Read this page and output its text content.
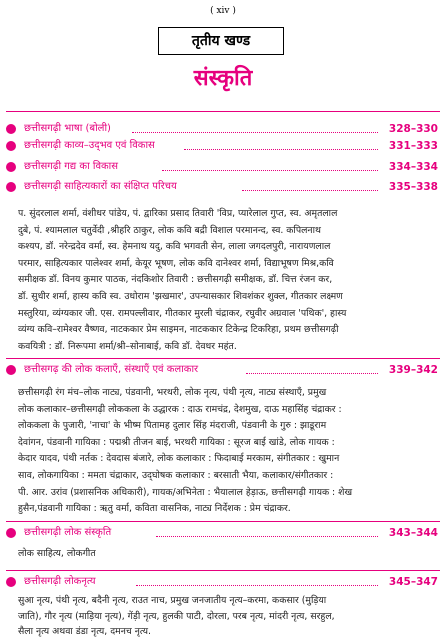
( xiv )
तृतीय खण्ड
संस्कृति
छत्तीसगढ़ी भाषा (बोली)	328–330
छत्तीसगढ़ी काव्य–उद्‌भव एवं विकास	331–333
छत्तीसगढ़ी गद्य का विकास	334–334
छत्तीसगढ़ी साहित्यकारों का संक्षिप्त परिचय	335–338
प. सुंदरलाल शर्मा, वंशीधर पांडेय, पं. द्वारिका प्रसाद तिवारी 'विप्र, प्यारेलाल गुप्त, स्व. अमृतलाल
दुबे, पं. श्यामलाल चतुर्वेदी ,श्रीहरि ठाकुर, लोक कवि बद्री विशाल परमानन्द, स्व. कपिलनाथ
कश्यप, डॉ. नरेन्द्रदेव वर्मा, स्व. हेमनाथ यदु, कवि भगवती सेन, लाला जगदलपुरी, नारायणलाल
परमार, साहित्यकार पालेश्वर शर्मा, केयूर भूषण, लोक कवि दानेश्वर शर्मा, विद्याभूषण मिश्र,कवि
समीक्षक डॉ. विनय कुमार पाठक, नंदकिशोर तिवारी : छत्तीसगढ़ी समीक्षक, डॉ. चित्त रंजन कर,
डॉ. सुधीर शर्मा, हास्य कवि स्व. उधोराम 'झखमार', उपन्यासकार शिवशंकर शुक्ल, गीतकार लक्ष्मण
मस्तुरिया, व्यंग्यकार जी. एस. रामपल्लीवार, गीतकार मुरली चंद्राकर, रघुवीर अग्रवाल 'पथिक', हास्य
व्यंग्य कवि–रामेश्वर वैष्णव, नाटककार प्रेम साइमन, नाटककार टिकेन्द्र टिकरिहा, प्रथम छत्तीसगढ़ी
कवयित्री : डॉ. निरूपमा शर्मा/श्री–सोनाबाई, कवि डॉ. देवधर महंत.
छत्तीसगढ़ की लोक कलाएँ, संस्थाएँ एवं कलाकार	339–342
छत्तीसगढ़ी रंग मंच–लोक नाट्य, पंडवानी, भरथरी, लोक नृत्य, पंथी नृत्य, नाट्य संस्थाएँ, प्रमुख
लोक कलाकार–छत्तीसगढ़ी लोककला के उद्धारक : दाऊ रामचंद्र, देशमुख, दाऊ महासिंह चंद्राकर :
लोककला के पुजारी, 'नाचा' के भीष्म पितामह दुलार सिंह मंदराजी, पंडवानी के गुरु : झाडूराम
देवांगन, पंडवानी गायिका : पद्मश्री तीजन बाई, भरथरी गायिका : सूरज बाई खांडे, लोक गायक :
केदार यादव, पंथी नर्तक : देवदास बंजारे, लोक कलाकार : फिदाबाई मरकाम, संगीतकार : खुमान
साव, लोकगायिका : ममता चंद्राकार, उद्‌घोषक कलाकार : बरसाती भैया, कलाकार/संगीतकार :
पी. आर. उरांव (प्रशासनिक अधिकारी), गायक/अभिनेता : भैयालाल हेड़ाऊ, छत्तीसगढ़ी गायक : शेख
हुसैन,पंडवानी गायिका : ऋतु वर्मा, कविता वासनिक, नाट्य निर्देशक : प्रेम चंद्राकर.
छत्तीसगढ़ी लोक संस्कृति	343–344
लोक साहित्य, लोकगीत
छत्तीसगढ़ी लोकनृत्य	345–347
सुआ नृत्य, पंथी नृत्य, बदैनी नृत्य, राउत नाच, प्रमुख जनजातीय नृत्य–करमा, ककसार (मुड़िया
जाति), गौर नृत्य (माड़िया नृत्य), गेंड़ी नृत्य, हुलकी पाटी, दोरला, परब नृत्य, मांदरी नृत्य, सरहुल,
सैला नृत्य अथवा डंडा नृत्य, दमनच नृत्य.
